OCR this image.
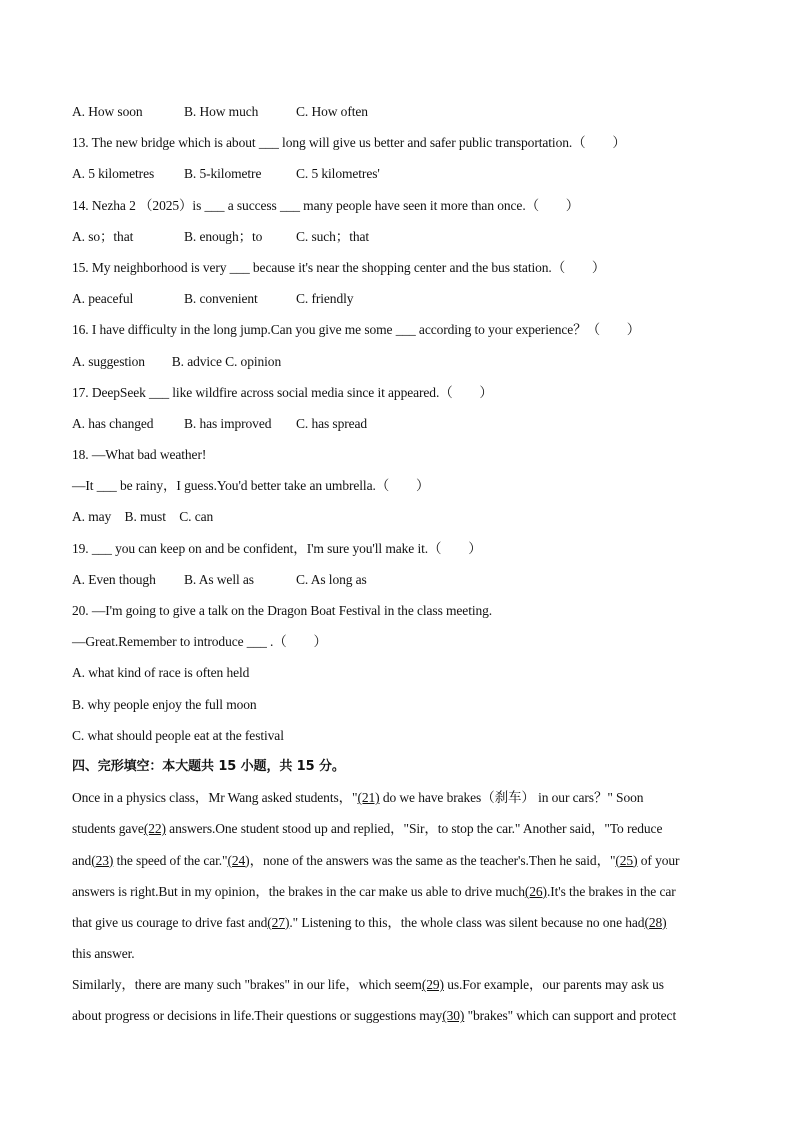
A. How soon	B. How much	C. How often
13. The new bridge which is about ___ long will give us better and safer public transportation.（　　）
A. 5 kilometres B. 5-kilometre	C. 5 kilometres'
14. Nezha 2 （2025）is ___ a success ___ many people have seen it more than once.（　　）
A. so；that	B. enough；to C. such；that
15. My neighborhood is very ___ because it's near the shopping center and the bus station.（　　）
A. peaceful	B. convenient	C. friendly
16. I have difficulty in the long jump.Can you give me some ___ according to your experience？（　　）
A. suggestion　　B. advice C. opinion
17. DeepSeek ___ like wildfire across social media since it appeared.（　　）
A. has changed B. has improved C. has spread
18. —What bad weather!
—It ___ be rainy，I guess.You'd better take an umbrella.（　　）
A. may　B. must　C. can
19. ___ you can keep on and be confident，I'm sure you'll make it.（　　）
A. Even though B. As well as	C. As long as
20. —I'm going to give a talk on the Dragon Boat Festival in the class meeting.
—Great.Remember to introduce ___ .（　　）
A. what kind of race is often held
B. why people enjoy the full moon
C. what should people eat at the festival
四、完形填空：本大题共 15 小题，共 15 分。
Once in a physics class，Mr Wang asked students，"(21) do we have brakes（刹车） in our cars？" Soon
students gave(22) answers.One student stood up and replied，"Sir，to stop the car." Another said，"To reduce
and(23) the speed of the car."(24)，none of the answers was the same as the teacher's.Then he said，"(25) of your
answers is right.But in my opinion，the brakes in the car make us able to drive much(26).It's the brakes in the car
that give us courage to drive fast and(27)." Listening to this，the whole class was silent because no one had(28)
this answer.
Similarly，there are many such "brakes" in our life，which seem(29) us.For example，our parents may ask us
about progress or decisions in life.Their questions or suggestions may(30) "brakes" which can support and protect
